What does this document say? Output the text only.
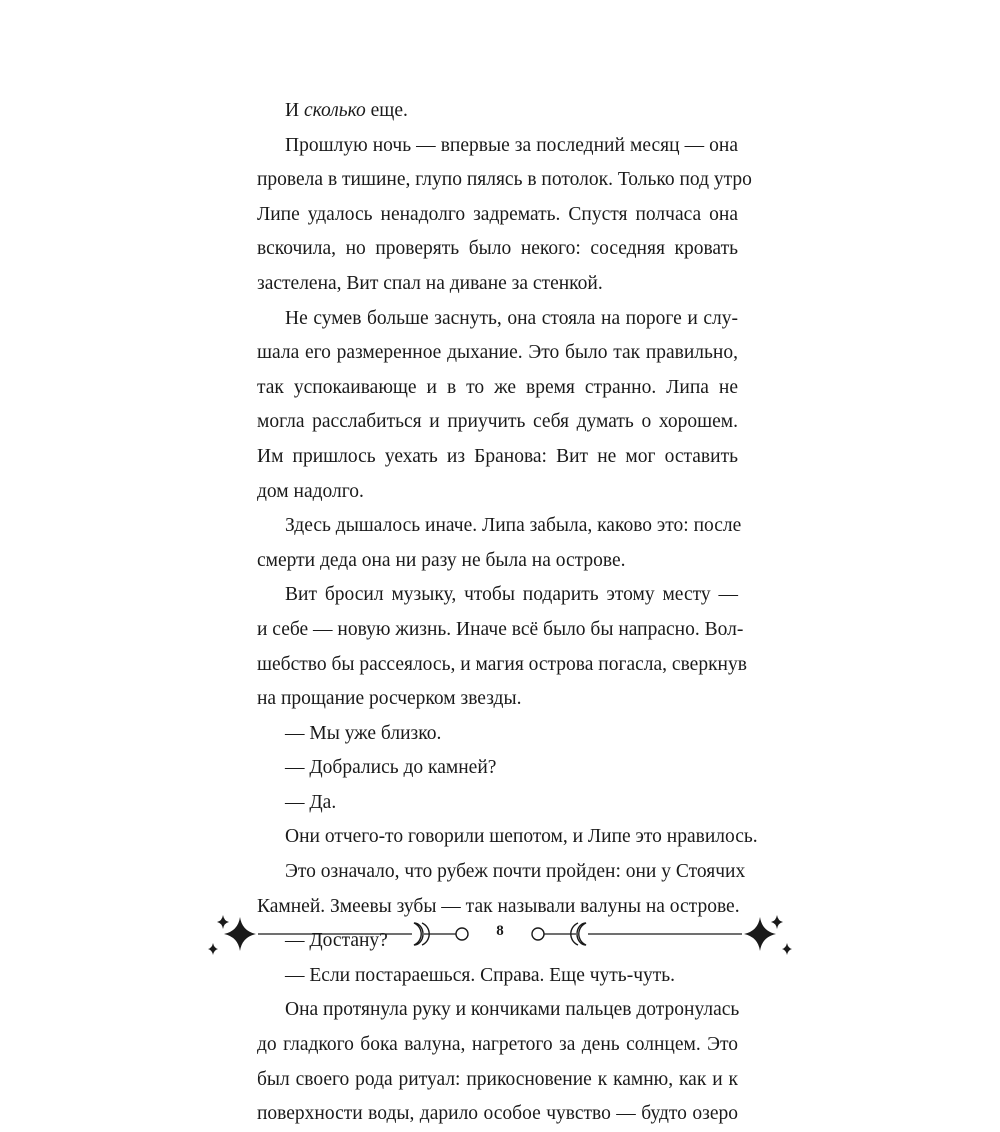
И сколько еще.
Прошлую ночь — впервые за последний месяц — она
провела в тишине, глупо пялясь в потолок. Только под утро
Липе удалось ненадолго задремать. Спустя полчаса она
вскочила, но проверять было некого: соседняя кровать
застелена, Вит спал на диване за стенкой.
Не сумев больше заснуть, она стояла на пороге и слу-
шала его размеренное дыхание. Это было так правильно,
так успокаивающе и в то же время странно. Липа не
могла расслабиться и приучить себя думать о хорошем.
Им пришлось уехать из Бранова: Вит не мог оставить
дом надолго.
Здесь дышалось иначе. Липа забыла, каково это: после
смерти деда она ни разу не была на острове.
Вит бросил музыку, чтобы подарить этому месту —
и себе — новую жизнь. Иначе всё было бы напрасно. Вол-
шебство бы рассеялось, и магия острова погасла, сверкнув
на прощание росчерком звезды.
— Мы уже близко.
— Добрались до камней?
— Да.
Они отчего-то говорили шепотом, и Липе это нравилось.
Это означало, что рубеж почти пройден: они у Стоячих
Камней. Змеевы зубы — так называли валуны на острове.
— Достану?
— Если постараешься. Справа. Еще чуть-чуть.
Она протянула руку и кончиками пальцев дотронулась
до гладкого бока валуна, нагретого за день солнцем. Это
был своего рода ритуал: прикосновение к камню, как и к
поверхности воды, дарило особое чувство — будто озеро
8
